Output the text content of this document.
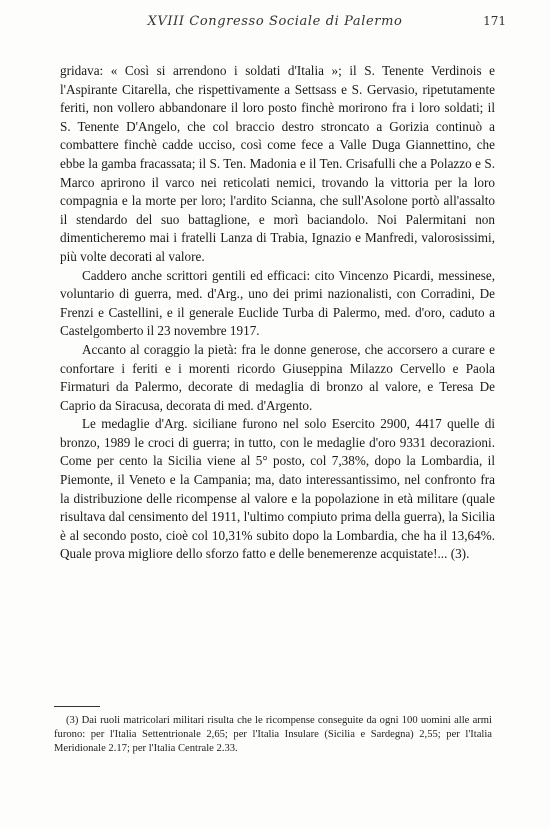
XVIII Congresso Sociale di Palermo	171

gridava: « Così si arrendono i soldati d'Italia »; il S. Tenente Verdinois e l'Aspirante Citarella, che rispettivamente a Settsass e S. Gervasio, ripetutamente feriti, non vollero abbandonare il loro posto finchè morirono fra i loro soldati; il S. Tenente D'Angelo, che col braccio destro stroncato a Gorizia continuò a combattere finchè cadde ucciso, così come fece a Valle Duga Giannettino, che ebbe la gamba fracassata; il S. Ten. Madonia e il Ten. Crisafulli che a Polazzo e S. Marco aprirono il varco nei reticolati nemici, trovando la vittoria per la loro compagnia e la morte per loro; l'ardito Scianna, che sull'Asolone portò all'assalto il stendardo del suo battaglione, e morì baciandolo. Noi Palermitani non dimenticheremo mai i fratelli Lanza di Trabia, Ignazio e Manfredi, valorosissimi, più volte decorati al valore.

Caddero anche scrittori gentili ed efficaci: cito Vincenzo Picardi, messinese, voluntario di guerra, med. d'Arg., uno dei primi nazionalisti, con Corradini, De Frenzi e Castellini, e il generale Euclide Turba di Palermo, med. d'oro, caduto a Castelgomberto il 23 novembre 1917.

Accanto al coraggio la pietà: fra le donne generose, che accorsero a curare e confortare i feriti e i morenti ricordo Giuseppina Milazzo Cervello e Paola Firmaturi da Palermo, decorate di medaglia di bronzo al valore, e Teresa De Caprio da Siracusa, decorata di med. d'Argento.

Le medaglie d'Arg. siciliane furono nel solo Esercito 2900, 4417 quelle di bronzo, 1989 le croci di guerra; in tutto, con le medaglie d'oro 9331 decorazioni. Come per cento la Sicilia viene al 5° posto, col 7,38%, dopo la Lombardia, il Piemonte, il Veneto e la Campania; ma, dato interessantissimo, nel confronto fra la distribuzione delle ricompense al valore e la popolazione in età militare (quale risultava dal censimento del 1911, l'ultimo compiuto prima della guerra), la Sicilia è al secondo posto, cioè col 10,31% subito dopo la Lombardia, che ha il 13,64%. Quale prova migliore dello sforzo fatto e delle benemerenze acquistate!... (3).

(3) Dai ruoli matricolari militari risulta che le ricompense conseguite da ogni 100 uomini alle armi furono: per l'Italia Settentrionale 2,65; per l'Italia Insulare (Sicilia e Sardegna) 2,55; per l'Italia Meridionale 2.17; per l'Italia Centrale 2.33.
